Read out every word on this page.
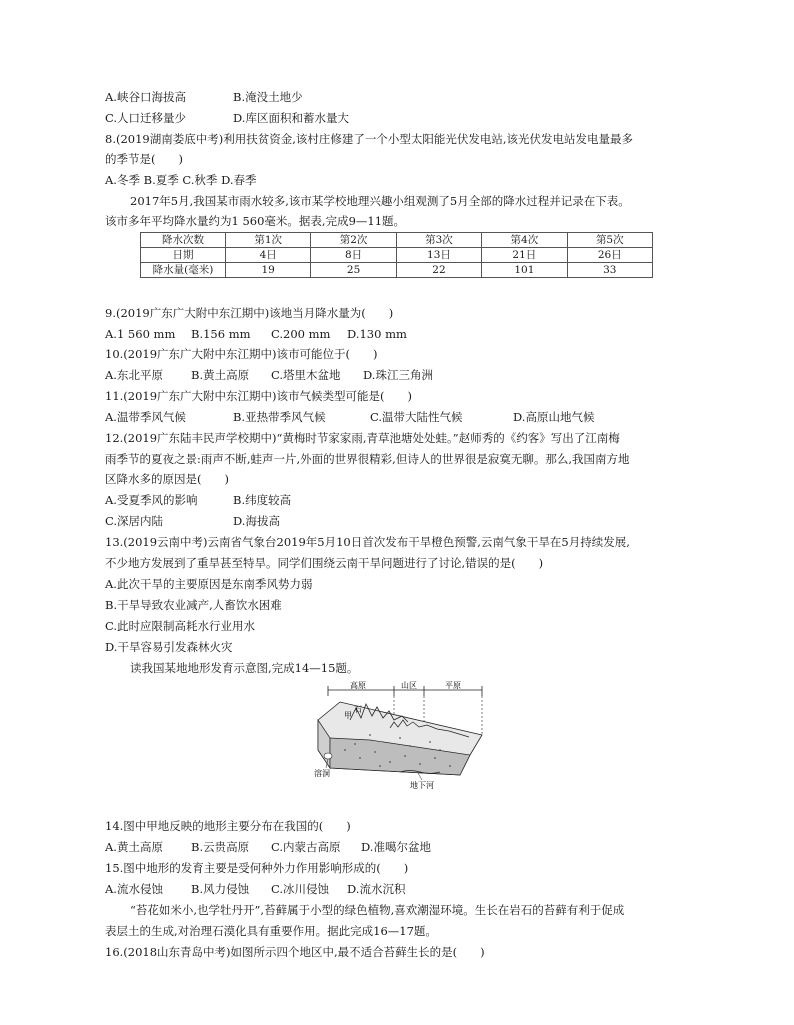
A.峡谷口海拔高	B.淹没土地少
C.人口迁移量少	D.库区面积和蓄水量大
8.(2019湖南娄底中考)利用扶贫资金,该村庄修建了一个小型太阳能光伏发电站,该光伏发电站发电量最多
的季节是(　　)
A.冬季 B.夏季 C.秋季 D.春季
2017年5月,我国某市雨水较多,该市某学校地理兴趣小组观测了5月全部的降水过程并记录在下表。
该市多年平均降水量约为1 560毫米。据表,完成9—11题。
降水次数	第1次	第2次	第3次	第4次	第5次
日期	4日	8日	13日	21日	26日
降水量(毫米)	19	25	22	101	33
9.(2019广东广大附中东江期中)该地当月降水量为(　　)
A.1 560 mm B.156 mm C.200 mm D.130 mm
10.(2019广东广大附中东江期中)该市可能位于(　　)
A.东北平原 B.黄土高原 C.塔里木盆地 D.珠江三角洲
11.(2019广东广大附中东江期中)该市气候类型可能是(　　)
A.温带季风气候	B.亚热带季风气候	C.温带大陆性气候	D.高原山地气候
12.(2019广东陆丰民声学校期中)“黄梅时节家家雨,青草池塘处处蛙。”赵师秀的《约客》写出了江南梅
雨季节的夏夜之景:雨声不断,蛙声一片,外面的世界很精彩,但诗人的世界很是寂寞无聊。那么,我国南方地
区降水多的原因是(　　)
A.受夏季风的影响	B.纬度较高
C.深居内陆	D.海拔高
13.(2019云南中考)云南省气象台2019年5月10日首次发布干旱橙色预警,云南气象干旱在5月持续发展,
不少地方发展到了重旱甚至特旱。同学们围绕云南干旱问题进行了讨论,错误的是(　　)
A.此次干旱的主要原因是东南季风势力弱
B.干旱导致农业减产,人畜饮水困难
C.此时应限制高耗水行业用水
D.干旱容易引发森林火灾
读我国某地地形发育示意图,完成14—15题。
高原	山区	平原
甲
石
溶洞
地下河
14.图中甲地反映的地形主要分布在我国的(　　)
A.黄土高原 B.云贵高原 C.内蒙古高原 D.准噶尔盆地
15.图中地形的发育主要是受何种外力作用影响形成的(　　)
A.流水侵蚀 B.风力侵蚀 C.冰川侵蚀 D.流水沉积
“苔花如米小,也学牡丹开”,苔藓属于小型的绿色植物,喜欢潮湿环境。生长在岩石的苔藓有利于促成
表层土的生成,对治理石漠化具有重要作用。据此完成16—17题。
16.(2018山东青岛中考)如图所示四个地区中,最不适合苔藓生长的是(　　)
